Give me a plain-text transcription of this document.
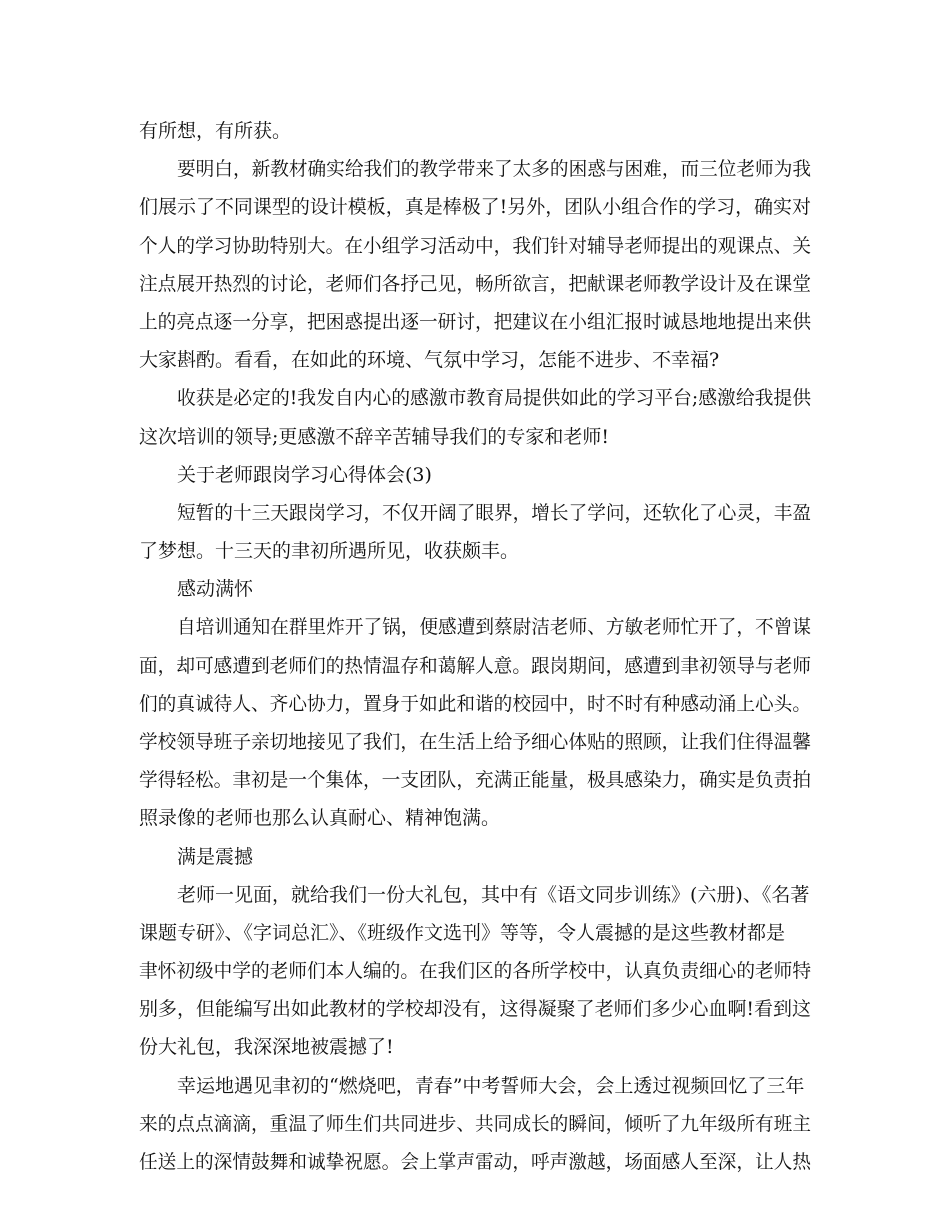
有所想，有所获。
要明白，新教材确实给我们的教学带来了太多的困惑与困难，而三位老师为我
们展示了不同课型的设计模板，真是棒极了!另外，团队小组合作的学习，确实对
个人的学习协助特别大。在小组学习活动中，我们针对辅导老师提出的观课点、关
注点展开热烈的讨论，老师们各抒己见，畅所欲言，把献课老师教学设计及在课堂
上的亮点逐一分享，把困惑提出逐一研讨，把建议在小组汇报时诚恳地地提出来供
大家斟酌。看看，在如此的环境、气氛中学习，怎能不进步、不幸福?
收获是必定的!我发自内心的感激市教育局提供如此的学习平台;感激给我提供
这次培训的领导;更感激不辞辛苦辅导我们的专家和老师!
关于老师跟岗学习心得体会(3)
短暂的十三天跟岗学习，不仅开阔了眼界，增长了学问，还软化了心灵，丰盈
了梦想。十三天的聿初所遇所见，收获颇丰。
感动满怀
自培训通知在群里炸开了锅，便感遭到蔡尉洁老师、方敏老师忙开了，不曾谋
面，却可感遭到老师们的热情温存和蔼解人意。跟岗期间，感遭到聿初领导与老师
们的真诚待人、齐心协力，置身于如此和谐的校园中，时不时有种感动涌上心头。
学校领导班子亲切地接见了我们，在生活上给予细心体贴的照顾，让我们住得温馨
学得轻松。聿初是一个集体，一支团队，充满正能量，极具感染力，确实是负责拍
照录像的老师也那么认真耐心、精神饱满。
满是震撼
老师一见面，就给我们一份大礼包，其中有《语文同步训练》(六册)、《名著
课题专研》、《字词总汇》、《班级作文选刊》等等，令人震撼的是这些教材都是
聿怀初级中学的老师们本人编的。在我们区的各所学校中，认真负责细心的老师特
别多，但能编写出如此教材的学校却没有，这得凝聚了老师们多少心血啊!看到这
份大礼包，我深深地被震撼了!
幸运地遇见聿初的“燃烧吧，青春”中考誓师大会，会上透过视频回忆了三年
来的点点滴滴，重温了师生们共同进步、共同成长的瞬间，倾听了九年级所有班主
任送上的深情鼓舞和诚挚祝愿。会上掌声雷动，呼声激越，场面感人至深，让人热
